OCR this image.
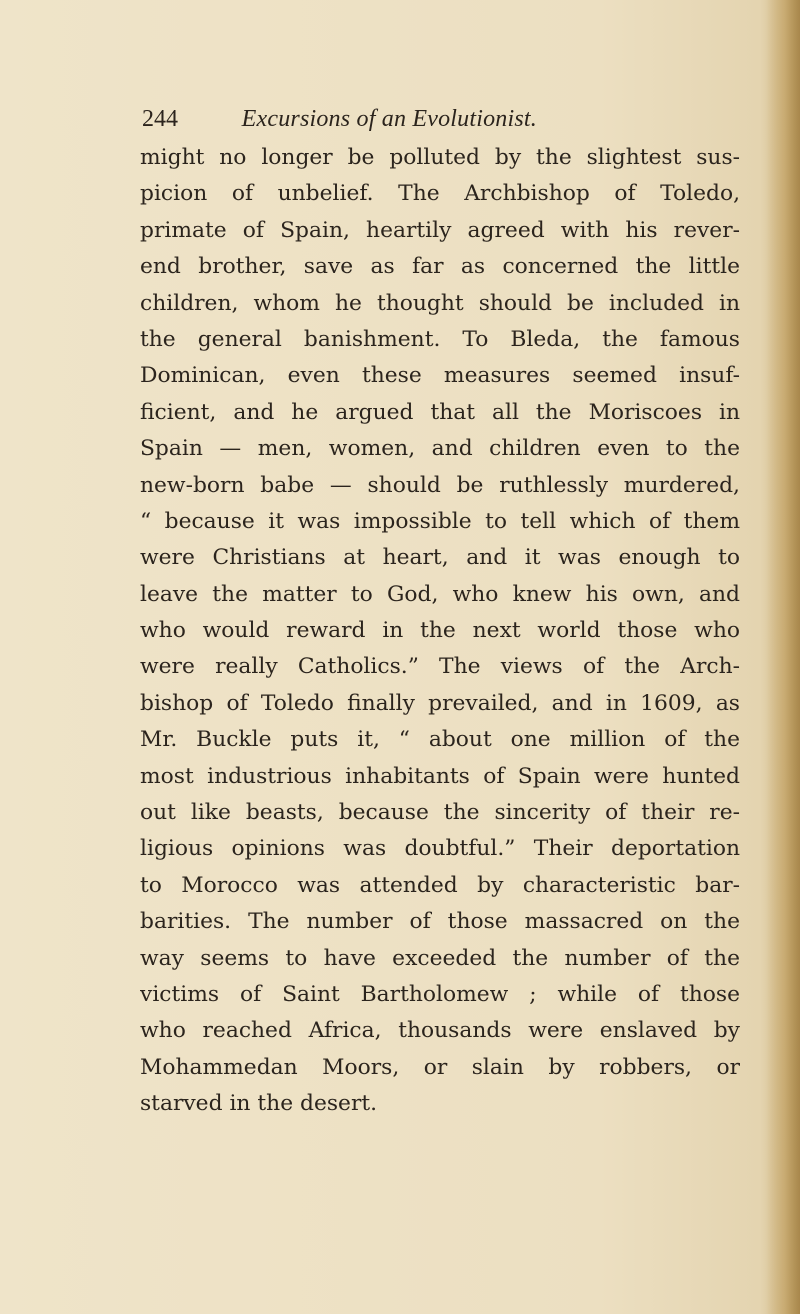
244	Excursions of an Evolutionist.
might no longer be polluted by the slightest sus-
picion of unbelief. The Archbishop of Toledo,
primate of Spain, heartily agreed with his rever-
end brother, save as far as concerned the little
children, whom he thought should be included in
the general banishment. To Bleda, the famous
Dominican, even these measures seemed insuf-
ficient, and he argued that all the Moriscoes in
Spain — men, women, and children even to the
new-born babe — should be ruthlessly murdered,
“ because it was impossible to tell which of them
were Christians at heart, and it was enough to
leave the matter to God, who knew his own, and
who would reward in the next world those who
were really Catholics.” The views of the Arch-
bishop of Toledo finally prevailed, and in 1609, as
Mr. Buckle puts it, “ about one million of the
most industrious inhabitants of Spain were hunted
out like beasts, because the sincerity of their re-
ligious opinions was doubtful.” Their deportation
to Morocco was attended by characteristic bar-
barities. The number of those massacred on the
way seems to have exceeded the number of the
victims of Saint Bartholomew ; while of those
who reached Africa, thousands were enslaved by
Mohammedan Moors, or slain by robbers, or
starved in the desert.
